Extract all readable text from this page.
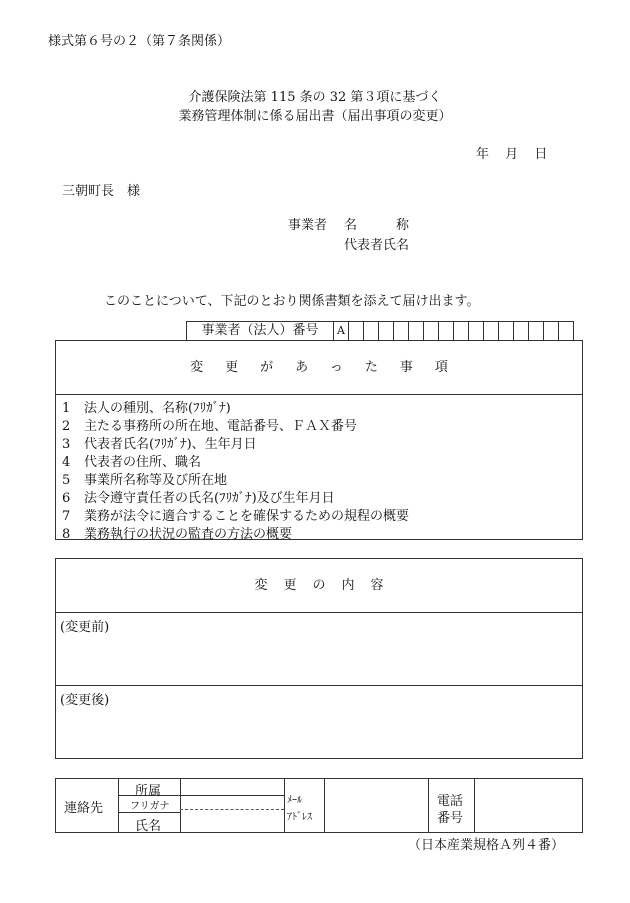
様式第６号の２（第７条関係）
介護保険法第 115 条の 32 第３項に基づく
業務管理体制に係る届出書（届出事項の変更）
年 月 日
三朝町長　様
事業者 名　　　称
代表者氏名
このことについて、下記のとおり関係書類を添えて届け出ます。
事業者（法人）番号	A
変更があった事項
1 法人の種別、名称(ﾌﾘｶﾞﾅ)
2 主たる事務所の所在地、電話番号、ＦＡＸ番号
3 代表者氏名(ﾌﾘｶﾞﾅ)、生年月日
4 代表者の住所、職名
5 事業所名称等及び所在地
6 法令遵守責任者の氏名(ﾌﾘｶﾞﾅ)及び生年月日
7 業務が法令に適合することを確保するための規程の概要
8 業務執行の状況の監査の方法の概要
変更の内容
(変更前)
(変更後)
連絡先
所属
フリガナ
氏名
ﾒｰﾙ
ｱﾄﾞﾚｽ
電話
番号
（日本産業規格Ａ列４番）
